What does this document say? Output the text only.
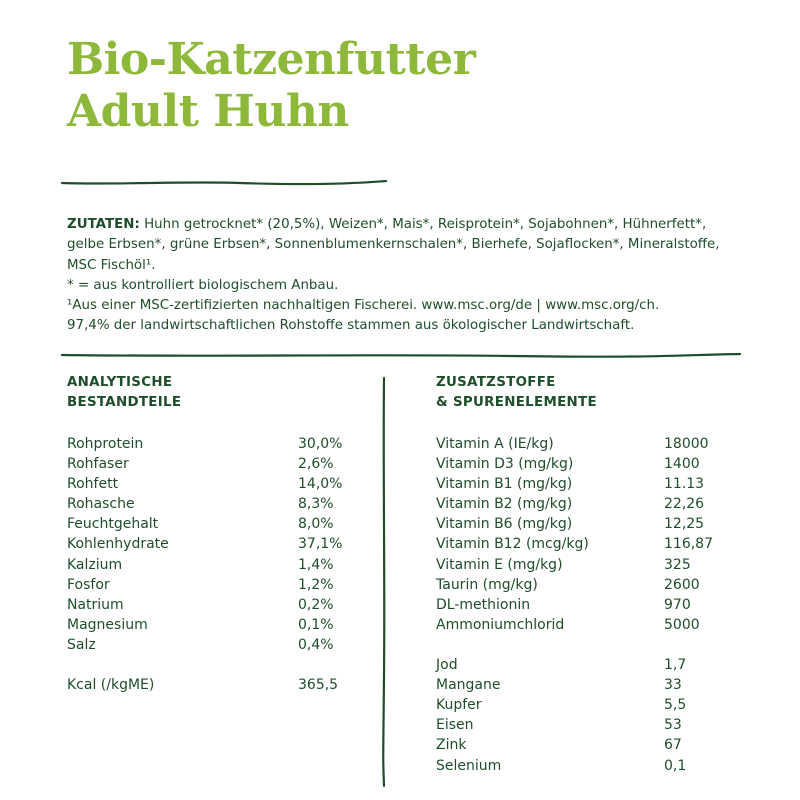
Bio-Katzenfutter
Adult Huhn

ZUTATEN: Huhn getrocknet* (20,5%), Weizen*, Mais*, Reisprotein*, Sojabohnen*, Hühnerfett*, gelbe Erbsen*, grüne Erbsen*, Sonnenblumenkernschalen*, Bierhefe, Sojaflocken*, Mineralstoffe, MSC Fischöl¹.

* = aus kontrolliert biologischem Anbau.

¹Aus einer MSC-zertifizierten nachhaltigen Fischerei. www.msc.org/de | www.msc.org/ch.

97,4% der landwirtschaftlichen Rohstoffe stammen aus ökologischer Landwirtschaft.

ANALYTISCHE
BESTANDTEILE
Rohprotein	30,0%
Rohfaser	2,6%
Rohfett	14,0%
Rohasche	8,3%
Feuchtgehalt	8,0%
Kohlenhydrate	37,1%
Kalzium	1,4%
Fosfor	1,2%
Natrium	0,2%
Magnesium	0,1%
Salz	0,4%
Kcal (/kgME)	365,5
ZUSATZSTOFFE
& SPURENELEMENTE
Vitamin A (IE/kg)	18000
Vitamin D3 (mg/kg)	1400
Vitamin B1 (mg/kg)	11.13
Vitamin B2 (mg/kg)	22,26
Vitamin B6 (mg/kg)	12,25
Vitamin B12 (mcg/kg)	116,87
Vitamin E (mg/kg)	325
Taurin (mg/kg)	2600
DL-methionin	970
Ammoniumchlorid	5000
Jod	1,7
Mangane	33
Kupfer	5,5
Eisen	53
Zink	67
Selenium	0,1
